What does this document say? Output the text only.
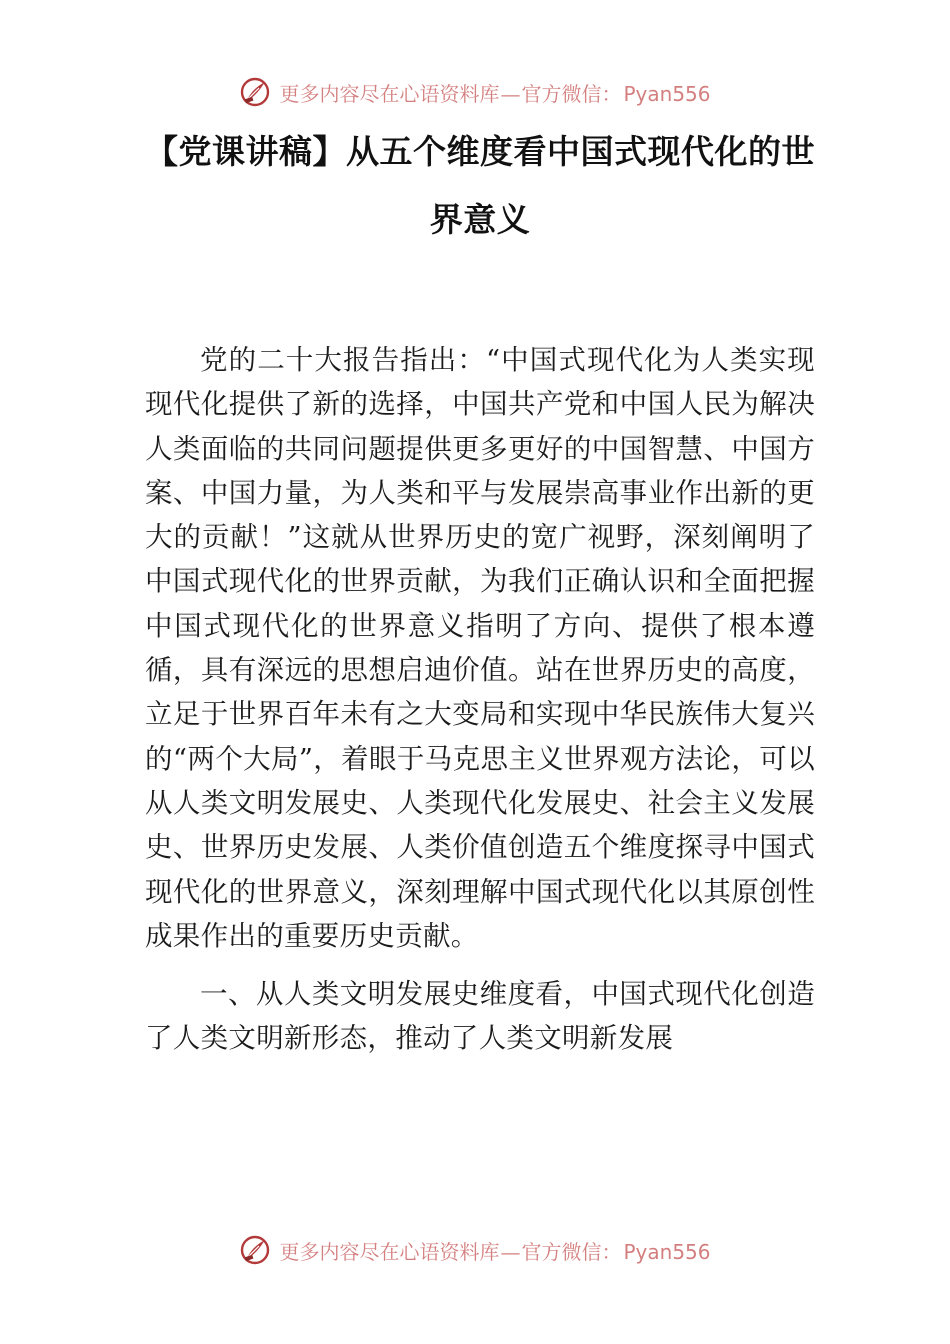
更多内容尽在心语资料库—官方微信： Pyan556
【党课讲稿】从五个维度看中国式现代化的世界意义

党的二十大报告指出：“中国式现代化为人类实现现代化提供了新的选择，中国共产党和中国人民为解决人类面临的共同问题提供更多更好的中国智慧、中国方案、中国力量，为人类和平与发展崇高事业作出新的更大的贡献！”这就从世界历史的宽广视野，深刻阐明了中国式现代化的世界贡献，为我们正确认识和全面把握中国式现代化的世界意义指明了方向、提供了根本遵循，具有深远的思想启迪价值。站在世界历史的高度，立足于世界百年未有之大变局和实现中华民族伟大复兴的“两个大局”，着眼于马克思主义世界观方法论，可以从人类文明发展史、人类现代化发展史、社会主义发展史、世界历史发展、人类价值创造五个维度探寻中国式现代化的世界意义，深刻理解中国式现代化以其原创性成果作出的重要历史贡献。

一、从人类文明发展史维度看，中国式现代化创造了人类文明新形态，推动了人类文明新发展

更多内容尽在心语资料库—官方微信： Pyan556
